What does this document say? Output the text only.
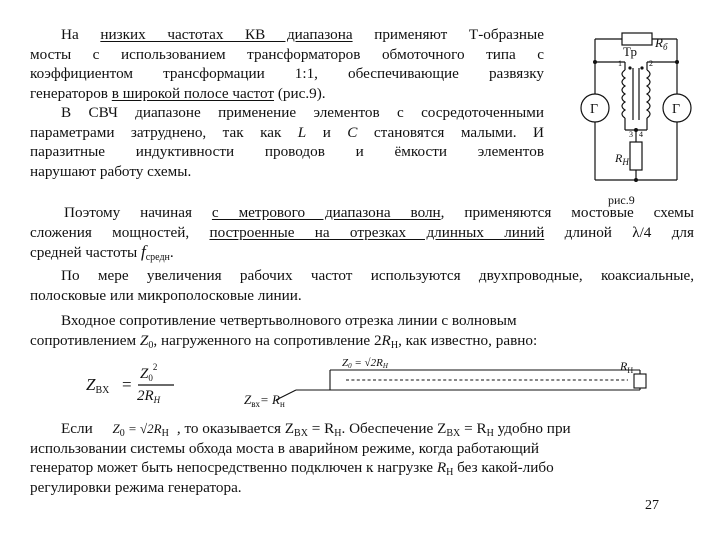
На низких частотах КВ диапазона применяют Т-образные
мосты с использованием трансформаторов обмоточного типа с
коэффициентом трансформации 1:1, обеспечивающие развязку
генераторов в широкой полосе частот (рис.9).
В СВЧ диапазоне применение элементов с сосредоточенными
параметрами затруднено, так как L и C становятся малыми. И
паразитные индуктивности проводов и ёмкости элементов
нарушают работу схемы.
Тр
$R_б$
Г	Г
1	2
3 4
$R_Н$
рис.9
Поэтому начиная с метрового диапазона волн, применяются мостовые схемы
сложения мощностей, построенные на отрезках длинных линий длиной λ/4 для
средней частоты $f_{средн}$.
По мере увеличения рабочих частот используются двухпроводные, коаксиальные,
полосковые или микрополосковые линии.
Входное сопротивление четвертьволнового отрезка линии с волновым
сопротивлением $Z_0$, нагруженного на сопротивление $2R_Н$, как известно, равно:
ZBX =
$Z_0^2$
$2R_H$
Z0 = √2RH	$R_Н$
$Z_{вх}= R_н$
Если $Z_0 = √2R_H$ , то оказывается $Z_{BX} = R_H$. Обеспечение $Z_{BX} = R_H$ удобно при
использовании системы обхода моста в аварийном режиме, когда работающий
генератор может быть непосредственно подключен к нагрузке $R_Н$ без какой-либо
регулировки режима генератора.
27
